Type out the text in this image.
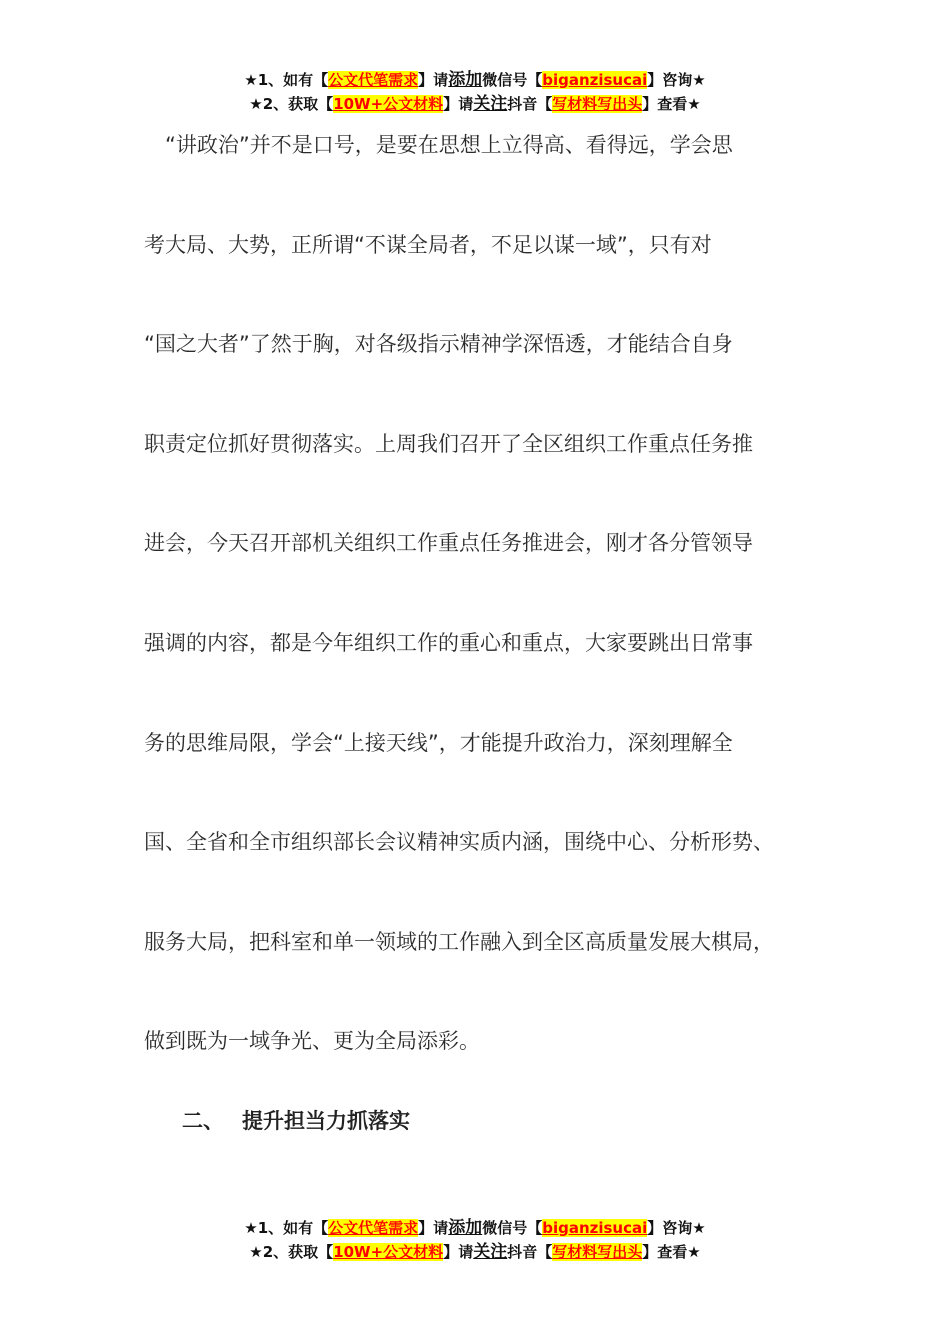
★1、如有【公文代笔需求】请添加微信号【biganzisucai】咨询★
★2、获取【10W+公文材料】请关注抖音【写材料写出头】查看★
　“讲政治”并不是口号，是要在思想上立得高、看得远，学会思
考大局、大势，正所谓“不谋全局者，不足以谋一域”，只有对
“国之大者”了然于胸，对各级指示精神学深悟透，才能结合自身
职责定位抓好贯彻落实。上周我们召开了全区组织工作重点任务推
进会，今天召开部机关组织工作重点任务推进会，刚才各分管领导
强调的内容，都是今年组织工作的重心和重点，大家要跳出日常事
务的思维局限，学会“上接天线”，才能提升政治力，深刻理解全
国、全省和全市组织部长会议精神实质内涵，围绕中心、分析形势、
服务大局，把科室和单一领域的工作融入到全区高质量发展大棋局，
做到既为一域争光、更为全局添彩。
二、 提升担当力抓落实
★1、如有【公文代笔需求】请添加微信号【biganzisucai】咨询★
★2、获取【10W+公文材料】请关注抖音【写材料写出头】查看★
